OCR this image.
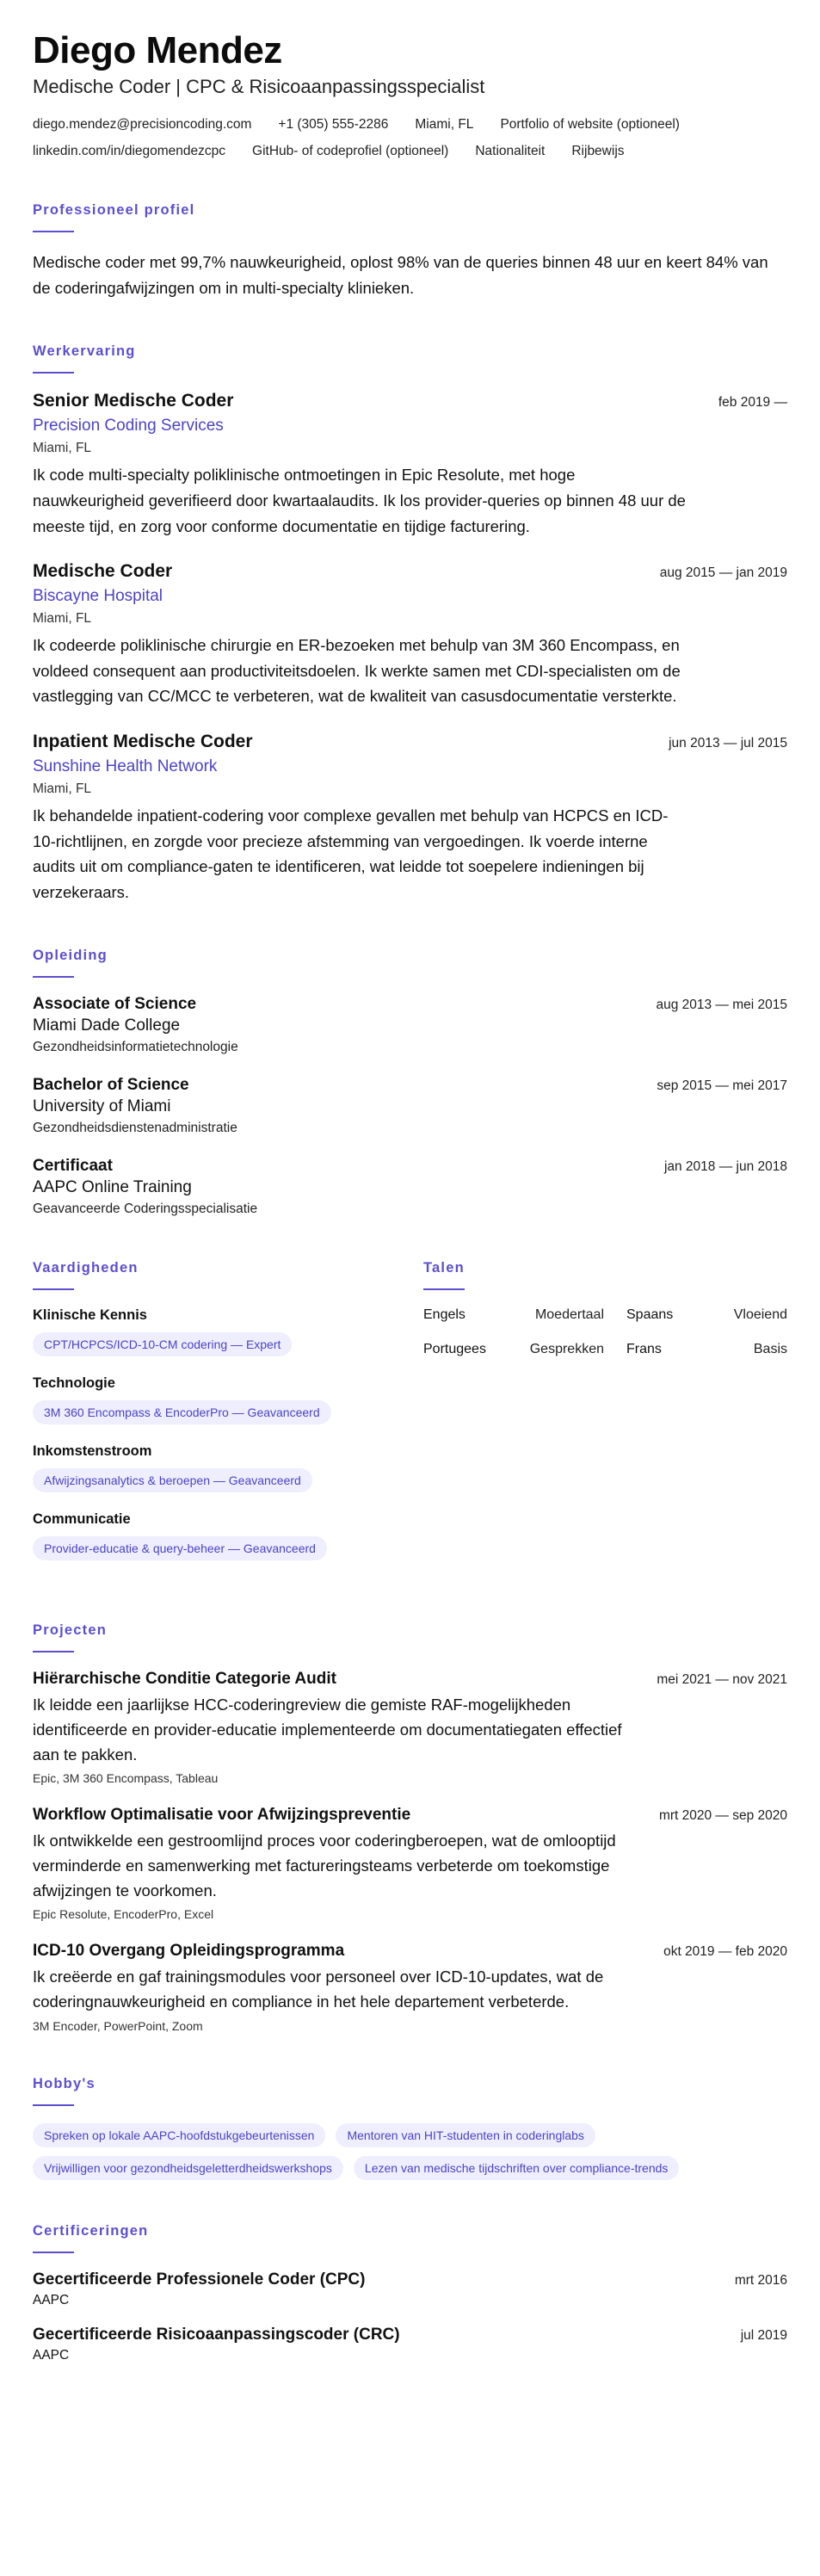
Diego Mendez
Medische Coder | CPC & Risicoaanpassingsspecialist
diego.mendez@precisioncoding.com +1 (305) 555-2286 Miami, FL Portfolio of website (optioneel)
linkedin.com/in/diegomendezcpc GitHub- of codeprofiel (optioneel) Nationaliteit Rijbewijs
Professioneel profiel

Medische coder met 99,7% nauwkeurigheid, oplost 98% van de queries binnen 48 uur en keert 84% van de coderingafwijzingen om in multi-specialty klinieken.

Werkervaring
Senior Medische Coder	feb 2019 —
Precision Coding Services
Miami, FL

Ik code multi-specialty poliklinische ontmoetingen in Epic Resolute, met hoge nauwkeurigheid geverifieerd door kwartaalaudits. Ik los provider-queries op binnen 48 uur de meeste tijd, en zorg voor conforme documentatie en tijdige facturering.

Medische Coder	aug 2015 — jan 2019
Biscayne Hospital
Miami, FL

Ik codeerde poliklinische chirurgie en ER-bezoeken met behulp van 3M 360 Encompass, en voldeed consequent aan productiviteitsdoelen. Ik werkte samen met CDI-specialisten om de vastlegging van CC/MCC te verbeteren, wat de kwaliteit van casusdocumentatie versterkte.

Inpatient Medische Coder	jun 2013 — jul 2015
Sunshine Health Network
Miami, FL

Ik behandelde inpatient-codering voor complexe gevallen met behulp van HCPCS en ICD-10-richtlijnen, en zorgde voor precieze afstemming van vergoedingen. Ik voerde interne audits uit om compliance-gaten te identificeren, wat leidde tot soepelere indieningen bij verzekeraars.

Opleiding
Associate of Science	aug 2013 — mei 2015
Miami Dade College
Gezondheidsinformatietechnologie
Bachelor of Science	sep 2015 — mei 2017
University of Miami
Gezondheidsdienstenadministratie
Certificaat	jan 2018 — jun 2018
AAPC Online Training
Geavanceerde Coderingsspecialisatie
Vaardigheden
Klinische Kennis
CPT/HCPCS/ICD-10-CM codering — Expert
Technologie
3M 360 Encompass & EncoderPro — Geavanceerd
Inkomstenstroom
Afwijzingsanalytics & beroepen — Geavanceerd
Communicatie
Provider-educatie & query-beheer — Geavanceerd
Talen
Engels	Moedertaal	Spaans	Vloeiend
Portugees	Gesprekken	Frans	Basis
Projecten
Hiërarchische Conditie Categorie Audit	mei 2021 — nov 2021

Ik leidde een jaarlijkse HCC-coderingreview die gemiste RAF-mogelijkheden identificeerde en provider-educatie implementeerde om documentatiegaten effectief aan te pakken.

Epic, 3M 360 Encompass, Tableau
Workflow Optimalisatie voor Afwijzingspreventie	mrt 2020 — sep 2020

Ik ontwikkelde een gestroomlijnd proces voor coderingberoepen, wat de omlooptijd verminderde en samenwerking met factureringsteams verbeterde om toekomstige afwijzingen te voorkomen.

Epic Resolute, EncoderPro, Excel
ICD-10 Overgang Opleidingsprogramma	okt 2019 — feb 2020

Ik creëerde en gaf trainingsmodules voor personeel over ICD-10-updates, wat de coderingnauwkeurigheid en compliance in het hele departement verbeterde.

3M Encoder, PowerPoint, Zoom
Hobby's
Spreken op lokale AAPC-hoofdstukgebeurtenissen	Mentoren van HIT-studenten in coderinglabs
Vrijwilligen voor gezondheidsgeletterdheidswerkshops	Lezen van medische tijdschriften over compliance-trends
Certificeringen
Gecertificeerde Professionele Coder (CPC)	mrt 2016
AAPC
Gecertificeerde Risicoaanpassingscoder (CRC)	jul 2019
AAPC
